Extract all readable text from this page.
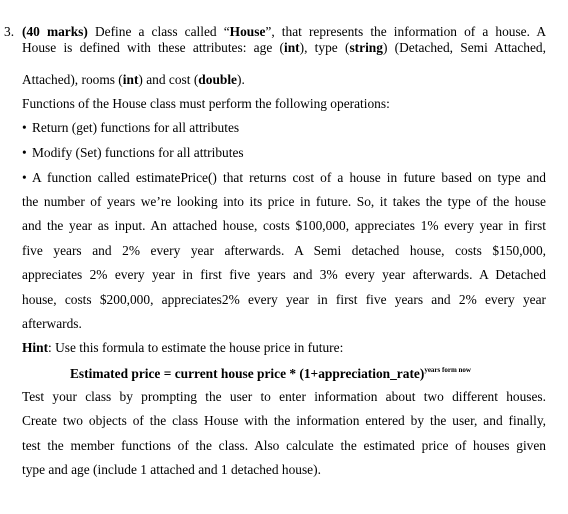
3. (40 marks) Define a class called “House”, that represents the information of a house. A
House is defined with these attributes: age (int), type (string) (Detached, Semi Attached,
Attached), rooms (int) and cost (double).
Functions of the House class must perform the following operations:
• Return (get) functions for all attributes
• Modify (Set) functions for all attributes
• A function called estimatePrice() that returns cost of a house in future based on type and
the number of years we’re looking into its price in future. So, it takes the type of the house
and the year as input. An attached house, costs $100,000, appreciates 1% every year in first
five years and 2% every year afterwards. A Semi detached house, costs $150,000,
appreciates 2% every year in first five years and 3% every year afterwards. A Detached
house, costs $200,000, appreciates2% every year in first five years and 2% every year
afterwards.
Hint: Use this formula to estimate the house price in future:
Estimated price = current house price * (1+appreciation_rate)$^{years form now}$
Test your class by prompting the user to enter information about two different houses.
Create two objects of the class House with the information entered by the user, and finally,
test the member functions of the class. Also calculate the estimated price of houses given
type and age (include 1 attached and 1 detached house).
